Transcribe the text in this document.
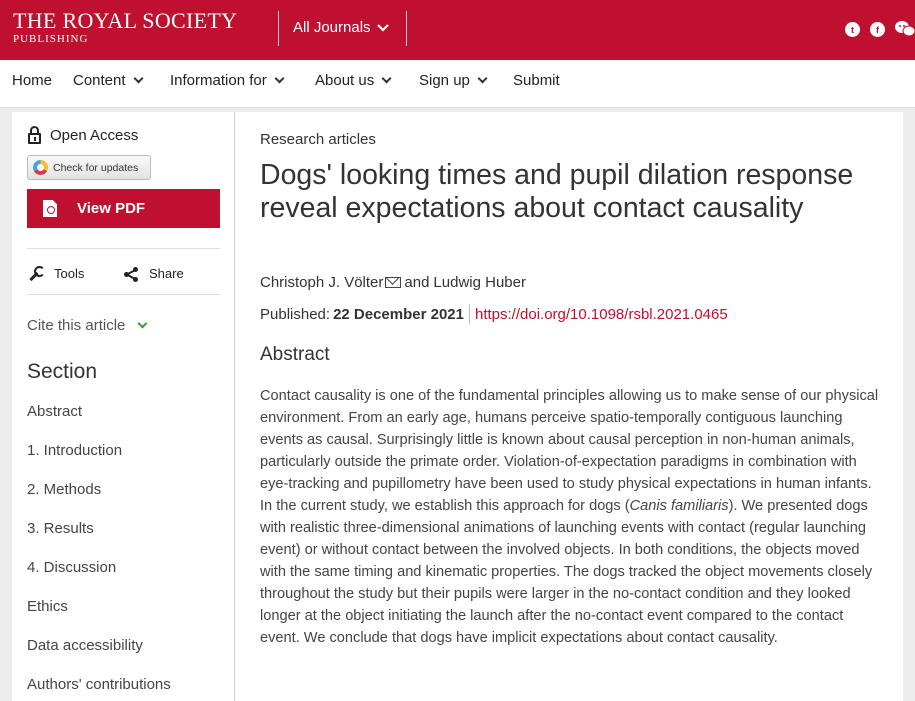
THE ROYAL SOCIETY
PUBLISHING
All Journals	t	f
Home Content	Information for	About us	Sign up	Submit
Open Access
Check for updates
View PDF
Tools	Share
Cite this article
Section
Abstract
1. Introduction
2. Methods
3. Results
4. Discussion
Ethics
Data accessibility
Authors' contributions
Research articles
Dogs' looking times and pupil dilation response reveal expectations about contact causality
Christoph J. Völter and Ludwig Huber
Published: 22 December 2021 https://doi.org/10.1098/rsbl.2021.0465
Abstract

Contact causality is one of the fundamental principles allowing us to make sense of our physical environment. From an early age, humans perceive spatio-temporally contiguous launching events as causal. Surprisingly little is known about causal perception in non-human animals, particularly outside the primate order. Violation-of-expectation paradigms in combination with eye-tracking and pupillometry have been used to study physical expectations in human infants. In the current study, we establish this approach for dogs (Canis familiaris). We presented dogs with realistic three-dimensional animations of launching events with contact (regular launching event) or without contact between the involved objects. In both conditions, the objects moved with the same timing and kinematic properties. The dogs tracked the object movements closely throughout the study but their pupils were larger in the no-contact condition and they looked longer at the object initiating the launch after the no-contact event compared to the contact event. We conclude that dogs have implicit expectations about contact causality.
